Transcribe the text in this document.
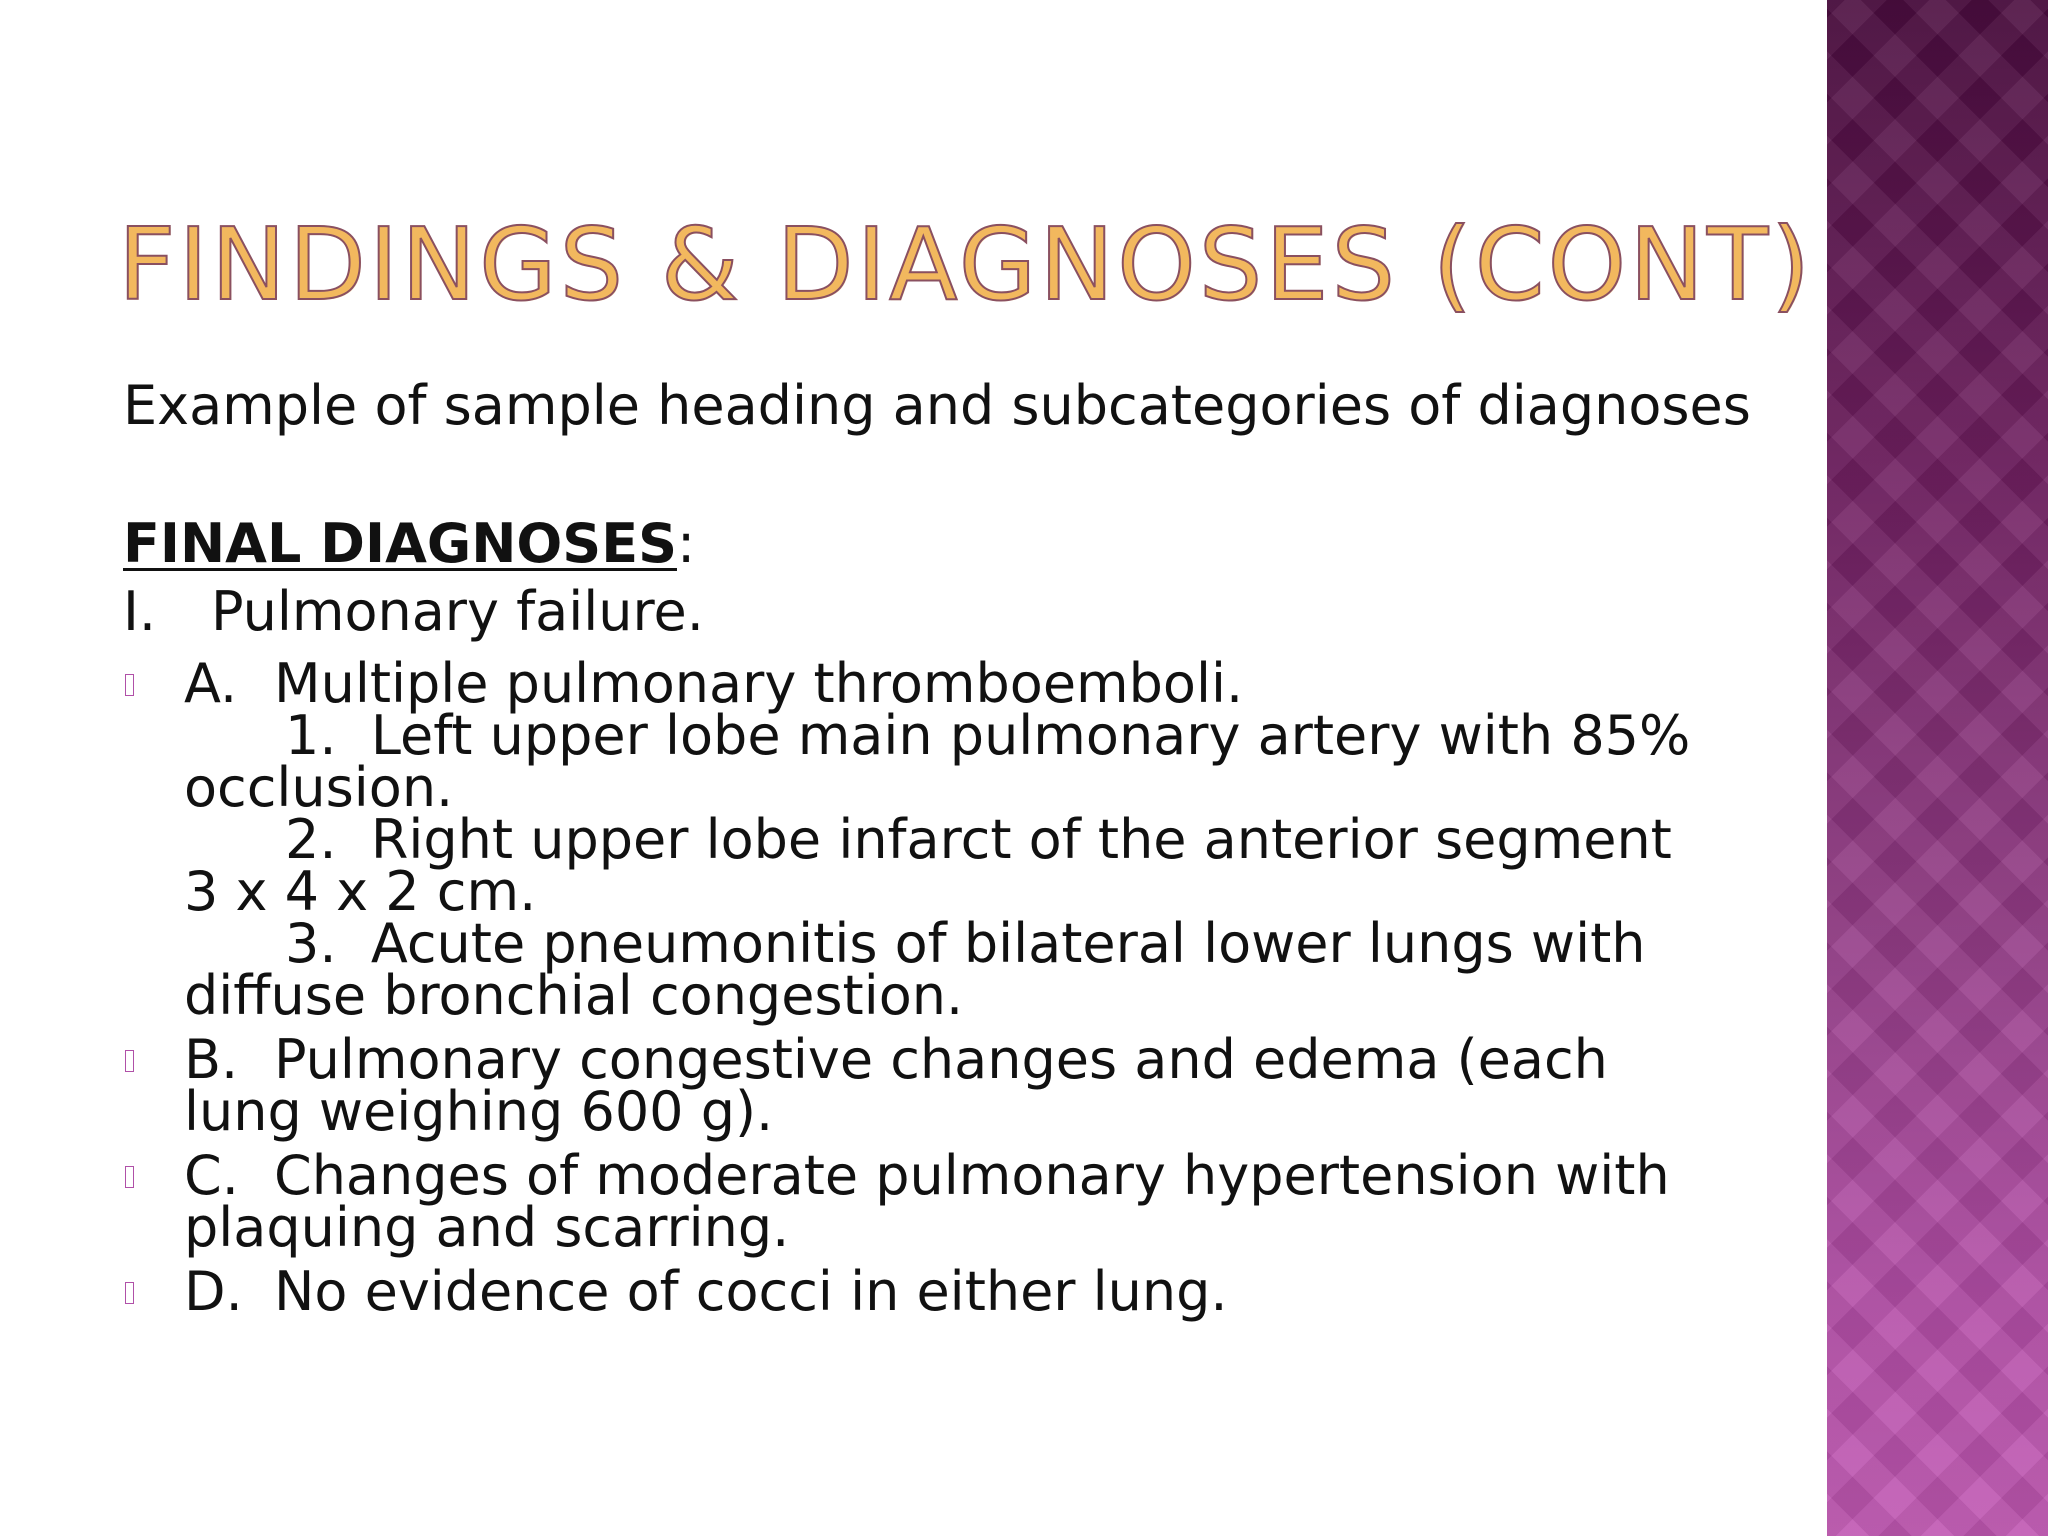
FINDINGS & DIAGNOSES (CONT)

Example of sample heading and subcategories of diagnoses

FINAL DIAGNOSES:
I. Pulmonary failure.
A. Multiple pulmonary thromboemboli.
1. Left upper lobe main pulmonary artery with 85% occlusion.
2. Right upper lobe infarct of the anterior segment 3 x 4 x 2 cm.
3. Acute pneumonitis of bilateral lower lungs with diffuse bronchial congestion.
B. Pulmonary congestive changes and edema (each lung weighing 600 g).
C. Changes of moderate pulmonary hypertension with plaquing and scarring.
D. No evidence of cocci in either lung.
